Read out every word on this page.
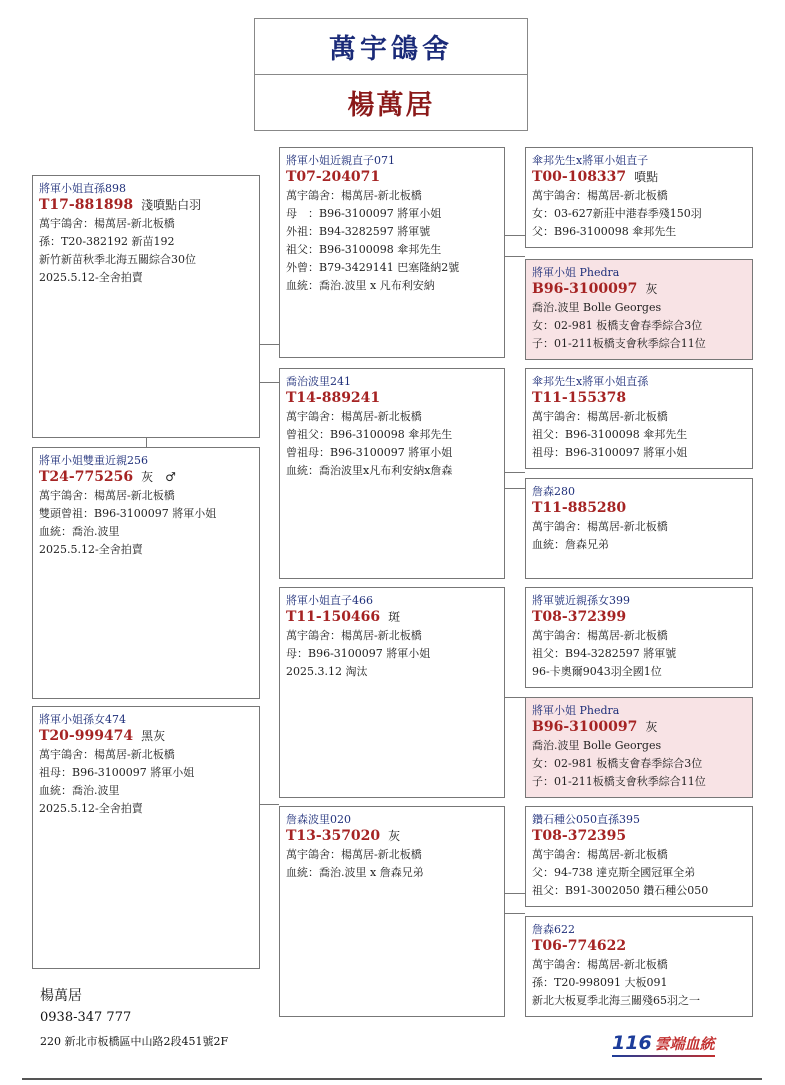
萬宇鴿舍
楊萬居
將軍小姐直孫898
T17-881898 淺噴點白羽
萬宇鴿舍：楊萬居-新北板橋
孫：T20-382192 新苗192
新竹新苗秋季北海五關綜合30位
2025.5.12-全舍拍賣
將軍小姐雙重近親256
T24-775256 灰　♂
萬宇鴿舍：楊萬居-新北板橋
雙頭曾祖：B96-3100097 將軍小姐
血統：喬治.波里
2025.5.12-全舍拍賣
將軍小姐孫女474
T20-999474 黑灰
萬宇鴿舍：楊萬居-新北板橋
祖母：B96-3100097 將軍小姐
血統：喬治.波里
2025.5.12-全舍拍賣
將軍小姐近親直子071
T07-204071
萬宇鴿舍：楊萬居-新北板橋
母　：B96-3100097 將軍小姐
外祖：B94-3282597 將軍號
祖父：B96-3100098 傘邦先生
外曾：B79-3429141 巴塞隆納2號
血統：喬治.波里 x 凡布利安納
喬治波里241
T14-889241
萬宇鴿舍：楊萬居-新北板橋
曾祖父：B96-3100098 傘邦先生
曾祖母：B96-3100097 將軍小姐
血統：喬治波里x凡布利安納x詹森
將軍小姐直子466
T11-150466 斑
萬宇鴿舍：楊萬居-新北板橋
母：B96-3100097 將軍小姐
2025.3.12 淘汰
詹森波里020
T13-357020 灰
萬宇鴿舍：楊萬居-新北板橋
血統：喬治.波里 x 詹森兄弟
傘邦先生x將軍小姐直子
T00-108337 噴點
萬宇鴿舍：楊萬居-新北板橋
女：03-627新莊中港春季殘150羽
父：B96-3100098 傘邦先生
將軍小姐 Phedra
B96-3100097 灰
喬治.波里 Bolle Georges
女：02-981 板橋支會春季綜合3位
子：01-211板橋支會秋季綜合11位
傘邦先生x將軍小姐直孫
T11-155378
萬宇鴿舍：楊萬居-新北板橋
祖父：B96-3100098 傘邦先生
祖母：B96-3100097 將軍小姐
詹森280
T11-885280
萬宇鴿舍：楊萬居-新北板橋
血統：詹森兄弟
將軍號近親孫女399
T08-372399
萬宇鴿舍：楊萬居-新北板橋
祖父：B94-3282597 將軍號
96-卡奧爾9043羽全國1位
將軍小姐 Phedra
B96-3100097 灰
喬治.波里 Bolle Georges
女：02-981 板橋支會春季綜合3位
子：01-211板橋支會秋季綜合11位
鑽石種公050直孫395
T08-372395
萬宇鴿舍：楊萬居-新北板橋
父：94-738 達克斯全國冠軍全弟
祖父：B91-3002050 鑽石種公050
詹森622
T06-774622
萬宇鴿舍：楊萬居-新北板橋
孫：T20-998091 大板091
新北大板夏季北海三關殘65羽之一
楊萬居
0938-347 777
220 新北市板橋區中山路2段451號2F	116 雲端血統
